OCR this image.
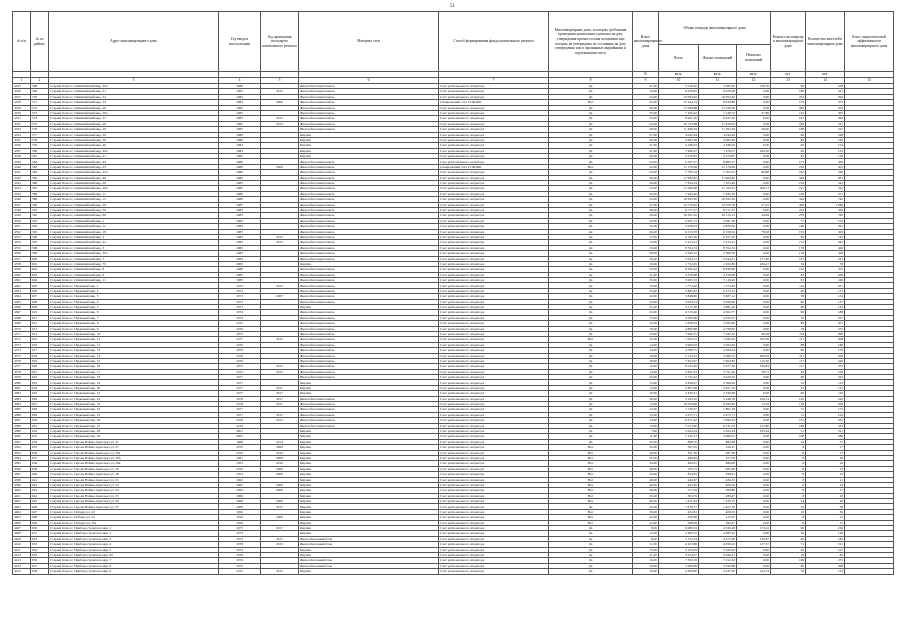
51
№ п/п	№ по району	Адрес многоквартирного дома	Год ввода в эксплуатацию	Год проведения последнего капитального ремонта	Материал стен	Способ формирования фонда капитального ремонта	Многоквартирные дома, в которых требования проведения капитального ремонта на дату утверждения краткого плана положения или которых не утверждены по состоянию на дату утверждения или в признанные аварийными и подлежащими сносу	Износ многоквартирного дома	Общая площадь многоквартирного дома			Количество квартир в многоквартирном доме	Количество жителей в многоквартирном доме	Класс энергетической эффективности многоквартирного дома
									Всего	Жилых помещений	Нежилых помещений			
								%	кв.м.	кв.м.	кв.м.	шт.	чел.	
1	2	3	4	5	6	7	8	9	10	11	12	13	14	15
4325	568	Старый Оскол г, Олимпийский мкр, 20а	1986		Железобетонная панель	Счет регионального оператора	Да	21,00	3 516,00	3 385,30	130,70	96	238	
4326	569	Старый Оскол г, Олимпийский мкр, 21	1983	2015	Железобетонная панель	Счет регионального оператора	Да	14,00	9 676,87	9 676,48	0,00	180	441	
4327	570	Старый Оскол г, Олимпийский мкр, 24	1984		Железобетонная панель	Счет регионального оператора	Да	24,00	10 093,92	10 093,92	0,00	252	594	
4328	571	Старый Оскол г, Олимпийский мкр, 25	1984	2009	Железобетонная панель	Специальный счет ТСЖ/ЖК	Нет	25,00	12 264,74	8 036,86	0,00	170	372	
4329	572	Старый Оскол г, Олимпийский мкр, 26	1984		Железобетонная панель	Счет регионального оператора	Да	26,00	17 948,88	11 036,28	0,00	200	414	
4330	573	Старый Оскол г, Олимпийский мкр, 26а	1985		Железобетонная панель	Счет регионального оператора	Да	25,00	7 456,42	7 148,72	37,86	145	305	
4331	574	Старый Оскол г, Олимпийский мкр, 27	1985	2013	Железобетонная панель	Счет регионального оператора	Да	25,00	9 947,50	9 947,50	0,00	167	462	
4332	575	Старый Оскол г, Олимпийский мкр, 28	1985	2014	Железобетонная панель	Счет регионального оператора	Да	24,00	16 735,88	11 456,65	0,00	226	527	
4333	576	Старый Оскол г, Олимпийский мкр, 29	1985		Железобетонная панель	Счет регионального оператора	Да	28,00	11 408,59	11 391,59	26,60	188	527	
4334	577	Старый Оскол г, Олимпийский мкр, 30	1986		Кирпич	Счет регионального оператора	Да	27,00	4 042,64	4 042,64	0,00	86	198	
4335	578	Старый Оскол г, Олимпийский мкр, 39	1980		Кирпич	Счет регионального оператора	Да	26,00	4 083,36	4 083,36	0,00	82	182	
4336	579	Старый Оскол г, Олимпийский мкр, 40	1984		Кирпич	Счет регионального оператора	Да	31,00	4 186,04	4 186,04	0,00	65	154	
4337	580	Старый Оскол г, Олимпийский мкр, 40а	1983		Кирпич	Счет регионального оператора	Да	21,00	7 699,07	7 476,57	222,50	46	133	
4338	581	Старый Оскол г, Олимпийский мкр, 41	1983		Кирпич	Счет регионального оператора	Да	29,00	4 370,87	4 370,87	0,00	61	139	
4339	582	Старый Оскол г, Олимпийский мкр, 44	1986		Железобетонная панель	Счет регионального оператора	Да	22,00	9 167,37	8 983,77	0,00	172	436	
4340	583	Старый Оскол г, Олимпийский мкр, 45	1986	2009	Железобетонная панель	Специальный счет ТСЖ/ЖК	Нет	22,00	11 176,69	11 176,69	0,00	216	455	
4341	584	Старый Оскол г, Олимпийский мкр, 45а	1986		Железобетонная панель	Счет регионального оператора	Да	23,00	7 795,34	7 707,91	86,80	162	346	
4342	585	Старый Оскол г, Олимпийский мкр, 46	1986		Железобетонная панель	Счет регионального оператора	Да	20,00	17 900,82	17 900,82	0,00	326	831	
4343	586	Старый Оскол г, Олимпийский мкр, 49	1985		Железобетонная панель	Счет регионального оператора	Да	20,00	7 654,34	7 105,46	0,00	156	342	
4344	587	Старый Оскол г, Олимпийский мкр, 49а	1985		Железобетонная панель	Счет регионального оператора	Да	33,00	11 566,06	11 165,03	206,11	215	542	
4345	588	Старый Оскол г, Олимпийский мкр, 11	1986		Железобетонная панель	Счет регионального оператора	Да	29,00	7 945,40	7 945,39	0,00	160	371	
4346	589	Старый Оскол г, Олимпийский мкр, 15	1986		Железобетонная панель	Счет регионального оператора	Да	23,00	18 395,50	18 395,50	0,00	326	740	
4347	590	Старый Оскол г, Олимпийский мкр, 36	1987		Железобетонная панель	Счет регионального оператора	Да	27,00	12 710,92	12 370,78	57,25	456	1 080	
4348	591	Старый Оскол г, Олимпийский мкр, 59	1983		Железобетонная панель	Счет регионального оператора	Да	28,00	8 771,57	8 771,57	0,00	210	436	
4349	592	Старый Оскол г, Олимпийский мкр, 60	1983		Железобетонная панель	Счет регионального оператора	Да	29,00	16 591,32	16 170,15	24,99	278	782	
4350	593	Старый Оскол г, Олимпийский мкр, 1	1983		Железобетонная панель	Счет регионального оператора	Да	32,00	4 261,73	4 261,58	0,00	77	153	
4351	594	Старый Оскол г, Олимпийский мкр, 1а	1983		Железобетонная панель	Счет регионального оператора	Да	32,00	5 039,03	4 878,50	0,00	160	291	
4352	595	Старый Оскол г, Олимпийский мкр, 18	1983		Железобетонная панель	Счет регионального оператора	Да	26,00	6 213,78	6 158,32	78,58	155	309	
4353	596	Старый Оскол г, Олимпийский мкр, 2	1982	2015	Железобетонная панель	Счет регионального оператора	Да	17,00	6 197,20	6 197,20	0,00	85	145	
4354	597	Старый Оскол г, Олимпийский мкр, 2а	1982	2015	Железобетонная панель	Счет регионального оператора	Да	13,00	5 413,21	5 413,21	0,00	152	343	
4355	598	Старый Оскол г, Олимпийский мкр, 3	1982		Железобетонная панель	Счет регионального оператора	Да	23,00	8 764,74	8 764,74	0,00	178	446	
4356	599	Старый Оскол г, Олимпийский мкр, 30а	1983		Железобетонная панель	Счет регионального оператора	Да	28,00	5 645,52	5 360,56	0,00	178	328	
4357	600	Старый Оскол г, Олимпийский мкр, 7	1984		Железобетонная панель	Счет регионального оператора	Да	30,00	5 043,51	5 044,51	177,40	107	241	
4358	601	Старый Оскол г, Олимпийский мкр, 7б	2009		Кирпич	Счет регионального оператора	Да	16,00	1 752,65	1 450,89	226,47	34	76	
4359	602	Старый Оскол г, Олимпийский мкр, 8	1986		Железобетонная панель	Счет регионального оператора	Да	23,00	8 565,42	8 838,80	0,00	163	353	
4360	603	Старый Оскол г, Олимпийский мкр, 9	1985		Железобетонная панель	Счет регионального оператора	Да	21,00	4 378,98	4 378,98	0,00	85	206	
4361	604	Старый Оскол г, Олимпийский мкр, 11	1985		Железобетонная панель	Счет регионального оператора	Да	25,00	5 005,72	5 116,94	0,00	93	166	
4362	605	Старый Оскол г, Парковый мкр, 1	1975	2015	Железобетонная панель	Счет регионального оператора	Да	10,00	1 773,40	1 773,40	0,00	119	251	
4363	606	Старый Оскол г, Парковый мкр, 2	1974		Железобетонная панель	Счет регионального оператора	Да	25,00	2 865,22	2 273,15	0,00	60	127	
4364	607	Старый Оскол г, Парковый мкр, 3	1973	2007	Железобетонная панель	Счет регионального оператора	Да	22,00	3 848,80	3 687,12	0,00	78	154	
4365	608	Старый Оскол г, Парковый мкр, 4	1973		Железобетонная панель	Счет регионального оператора	Да	23,00	3 024,14	2 650,60	0,00	60	137	
4366	609	Старый Оскол г, Парковый мкр, 5	1973		Кирпич	Счет регионального оператора	Да	31,00	4 117,36	3 981,20	0,00	80	145	
4367	610	Старый Оскол г, Парковый мкр, 6	1974		Железобетонная панель	Счет регионального оператора	Да	23,00	4 515,40	4 302,77	0,00	90	188	
4368	611	Старый Оскол г, Парковый мкр, 7	1974		Железобетонная панель	Счет регионального оператора	Да	13,00	4 565,66	4 432,27	0,00	79	237	
4369	612	Старый Оскол г, Парковый мкр, 8	1975		Железобетонная панель	Счет регионального оператора	Да	23,00	3 458,32	3 095,66	0,00	89	201	
4370	613	Старый Оскол г, Парковый мкр, 9	1976		Железобетонная панель	Счет регионального оператора	Да	19,00	4 890,88	4 758,82	0,00	78	237	
4371	614	Старый Оскол г, Парковый мкр, 10	1975		Железобетонная панель	Счет регионального оператора	Да	23,00	7 990,55	7 526,70	96,58	119	290	
4372	615	Старый Оскол г, Парковый мкр, 11	1977	2012	Железобетонная панель	Счет регионального оператора	Нет	25,00	7 052,27	7 045,05	195,50	117	308	
4373	616	Старый Оскол г, Парковый мкр, 12	1976		Железобетонная панель	Счет регионального оператора	Да	14,00	5 909,93	5 294,30	0,00	88	186	
4374	617	Старый Оскол г, Парковый мкр, 13	1976		Железобетонная панель	Счет регионального оператора	Да	15,00	4 568,75	4 564,54	0,00	80	179	
4375	618	Старый Оскол г, Парковый мкр, 14	1976		Железобетонная панель	Счет регионального оператора	Да	16,00	5 114,37	5 080,75	265,65	117	264	
4376	619	Старый Оскол г, Парковый мкр, 15	1976		Железобетонная панель	Счет регионального оператора	Да	18,00	7 654,07	7 064,82	115,20	117	246	
4377	620	Старый Оскол г, Парковый мкр, 16	1975	2013	Железобетонная панель	Счет регионального оператора	Да	12,00	6 515,26	5 477,30	150,83	117	232	
4378	621	Старый Оскол г, Парковый мкр, 17	1975	2015	Железобетонная панель	Счет регионального оператора	Да	14,00	3 841,81	3 751,46	58,77	79	164	
4379	622	Старый Оскол г, Парковый мкр, 18	1977		Железобетонная панель	Счет регионального оператора	Да	25,00	5 752,42	4 610,35	0,00	60	222	
4380	623	Старый Оскол г, Парковый мкр, 19	1977		Кирпич	Счет регионального оператора	Да	13,00	2 828,07	2 569,09	0,00	54	123	
4381	624	Старый Оскол г, Парковый мкр, 20	1977	2017	Кирпич	Счет регионального оператора	Да	12,00	2 857,99	2 827,18	0,00	54	121	
4382	625	Старый Оскол г, Парковый мкр, 21	1977	2017	Кирпич	Счет регионального оператора	Да	16,00	2 820,91	2 330,68	0,00	60	110	
4383	626	Старый Оскол г, Парковый мкр, 22	1978	2017	Железобетонная панель	Счет регионального оператора	Да	20,00	5 263,32	5 448,78	226,14	120	242	
4384	627	Старый Оскол г, Парковый мкр, 23	1978	2017	Железобетонная панель	Счет регионального оператора	Да	12,00	10 070,90	9 496,82	15,10	176	430	
4385	628	Старый Оскол г, Парковый мкр, 24	1977		Железобетонная панель	Счет регионального оператора	Да	12,00	1 726,37	1 802,18	0,00	72	173	
4386	629	Старый Оскол г, Парковый мкр, 25	1977	2017	Железобетонная панель	Счет регионального оператора	Да	13,00	2 675,71	2 675,71	0,00	72	165	
4387	630	Старый Оскол г, Парковый мкр, 26	1976	2012	Железобетонная панель	Счет регионального оператора	Да	14,00	8 371,92	7 090,24	0,00	135	361	
4388	631	Старый Оскол г, Парковый мкр, 27	1976		Железобетонная панель	Счет регионального оператора	Да	13,00	7 073,00	6 731,53	121,80	166	333	
4389	632	Старый Оскол г, Парковый мкр, 28	2001		Кирпич	Счет регионального оператора	Да	7,00	2 924,34	2 924,34	235,04	51	101	
4390	633	Старый Оскол г, Парковый мкр, 29	2005		Кирпич	Счет регионального оператора	Да	11,00	7 345,31	3 680,01	0,00	108	289	
4391	634	Старый Оскол г, Героев Войны Арнольда ул, 21	1968	2014	Кирпич	Счет регионального оператора	Да	25,00	898,70	882,08	0,00	24	57	
4392	635	Старый Оскол г, Героев Войны Арнольда ул, 27	1970	2009	Кирпич	Счет регионального оператора	Нет	45,00	397,05	326,47	0,00	8	17	
4393	636	Старый Оскол г, Героев Войны Арнольда ул, 29а	1970	2010	Кирпич	Счет регионального оператора	Нет	40,00	811,56	387,58	0,00	8	27	
4394	637	Старый Оскол г, Героев Войны Арнольда ул, 29б	1967	2008	Кирпич	Счет регионального оператора	Нет	41,00	486,09	357,59	0,00	8	26	
4395	638	Старый Оскол г, Героев Войны Арнольда ул, 29в	1953	2010	Кирпич	Счет регионального оператора	Нет	34,00	469,25	486,98	0,00	8	16	
4396	639	Старый Оскол г, Героев Войны Арнольда ул, 30	1970	2009	Кирпич	Счет регионального оператора	Нет	38,00	795,73	485,28	0,00	8	23	
4397	640	Старый Оскол г, Героев Войны Арнольда ул, 38	1954	2009	Кирпич	Счет регионального оператора	Нет	44,00	823,65	398,91	0,00	8	16	
4398	641	Старый Оскол г, Героев Войны Арнольда ул, 51	1962		Кирпич	Счет регионального оператора	Нет	48,00	440,67	430,33	0,00	8	21	
4399	642	Старый Оскол г, Героев Войны Арнольда ул, 53	1965	2009	Кирпич	Счет регионального оператора	Нет	49,00	445,20	409,30	0,00	8	19	
4400	643	Старый Оскол г, Героев Войны Арнольда ул, 54	1965	2009	Кирпич	Счет регионального оператора	Нет	48,00	577,29	399,80	0,00	8	17	
4401	644	Старый Оскол г, Героев Войны Арнольда ул, 55	1966		Кирпич	Счет регионального оператора	Нет	45,00	393,79	289,47	0,00	8	18	
4402	645	Старый Оскол г, Героев Войны Арнольда ул, 56	1968	2009	Кирпич	Счет регионального оператора	Нет	46,00	1 231,93	1 120,75	0,00	24	46	
4403	646	Старый Оскол г, Героев Войны Арнольда ул, 57	1969	2017	Кирпич	Счет регионального оператора	Да	25,00	1 678,77	1 627,39	0,00	24	58	
4404	647	Старый Оскол г, Победы ул, 22	1956		Кирпич	Счет регионального оператора	Нет	36,00	452,81	408,59	0,00	16	39	
4405	648	Старый Оскол г, Победы ул, 33	1956	2009	Кирпич	Счет регионального оператора	Нет	45,00	436,98	415,67	0,00	8	15	
4406	649	Старый Оскол г, Победы ул, 35а	1956		Кирпич	Счет регионального оператора	Нет	34,00	398,09	392,07	0,00	6	15	
4407	650	Старый Оскол г, Приборостроитель мкр, 1	1973	2017	Кирпич	Счет регионального оператора	Да	8,00	6 080,54	4 530,28	173,22	90	216	
4408	651	Старый Оскол г, Приборостроитель мкр, 2	1973		Кирпич	Счет регионального оператора	Да	13,00	2 685,22	2 685,22	0,00	56	136	
4409	652	Старый Оскол г, Приборостроитель мкр, 3	1973	2017	Железобетонный блок	Счет регионального оператора	Да	8,00	5 155,54	4 477,06	129,67	60	182	
4410	653	Старый Оскол г, Приборостроитель мкр, 4	1978	2015	Железобетонный блок	Счет регионального оператора	Да	11,00	4 203,86	4 058,12	137,37	71	191	
4411	654	Старый Оскол г, Приборостроитель мкр, 5	1974		Кирпич	Счет регионального оператора	Да	15,00	2 195,93	2 195,93	0,00	49	107	
4412	655	Старый Оскол г, Приборостроитель мкр, 6б	1978		Кирпич	Счет регионального оператора	Да	21,00	3 974,07	3 940,41	0,00	18	82	
4413	656	Старый Оскол г, Приборостроитель мкр, 7	1974		Железобетонный блок	Счет регионального оператора	Да	16,00	7 350,18	7 152,32	0,00	109	275	
4414	657	Старый Оскол г, Приборостроитель мкр, 8	1975		Железобетонный блок	Счет регионального оператора	Да	16,00	3 590,98	3 543,88	0,00	85	208	
4415	658	Старый Оскол г, Приборостроитель мкр, 9	1975	2013	Кирпич	Счет регионального оператора	Да	16,00	4 490,00	4 247,95	142,74	56	133	
